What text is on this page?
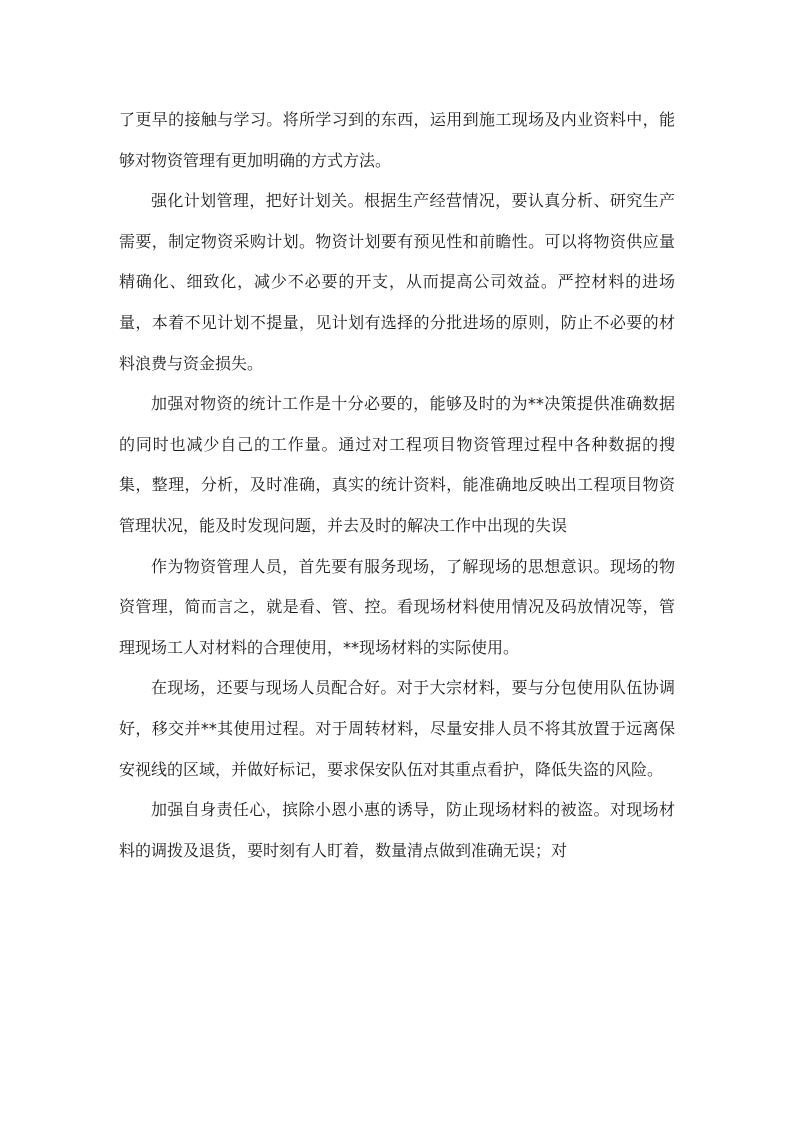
了更早的接触与学习。将所学习到的东西，运用到施工现场及内业资料中，能够对物资管理有更加明确的方式方法。

强化计划管理，把好计划关。根据生产经营情况，要认真分析、研究生产需要，制定物资采购计划。物资计划要有预见性和前瞻性。可以将物资供应量精确化、细致化，减少不必要的开支，从而提高公司效益。严控材料的进场量，本着不见计划不提量，见计划有选择的分批进场的原则，防止不必要的材料浪费与资金损失。

加强对物资的统计工作是十分必要的，能够及时的为**决策提供准确数据的同时也减少自己的工作量。通过对工程项目物资管理过程中各种数据的搜集，整理，分析，及时准确，真实的统计资料，能准确地反映出工程项目物资管理状况，能及时发现问题，并去及时的解决工作中出现的失误

作为物资管理人员，首先要有服务现场，了解现场的思想意识。现场的物资管理，简而言之，就是看、管、控。看现场材料使用情况及码放情况等，管理现场工人对材料的合理使用，**现场材料的实际使用。

在现场，还要与现场人员配合好。对于大宗材料，要与分包使用队伍协调好，移交并**其使用过程。对于周转材料，尽量安排人员不将其放置于远离保安视线的区域，并做好标记，要求保安队伍对其重点看护，降低失盗的风险。

加强自身责任心，摈除小恩小惠的诱导，防止现场材料的被盗。对现场材料的调拨及退货，要时刻有人盯着，数量清点做到准确无误；对
